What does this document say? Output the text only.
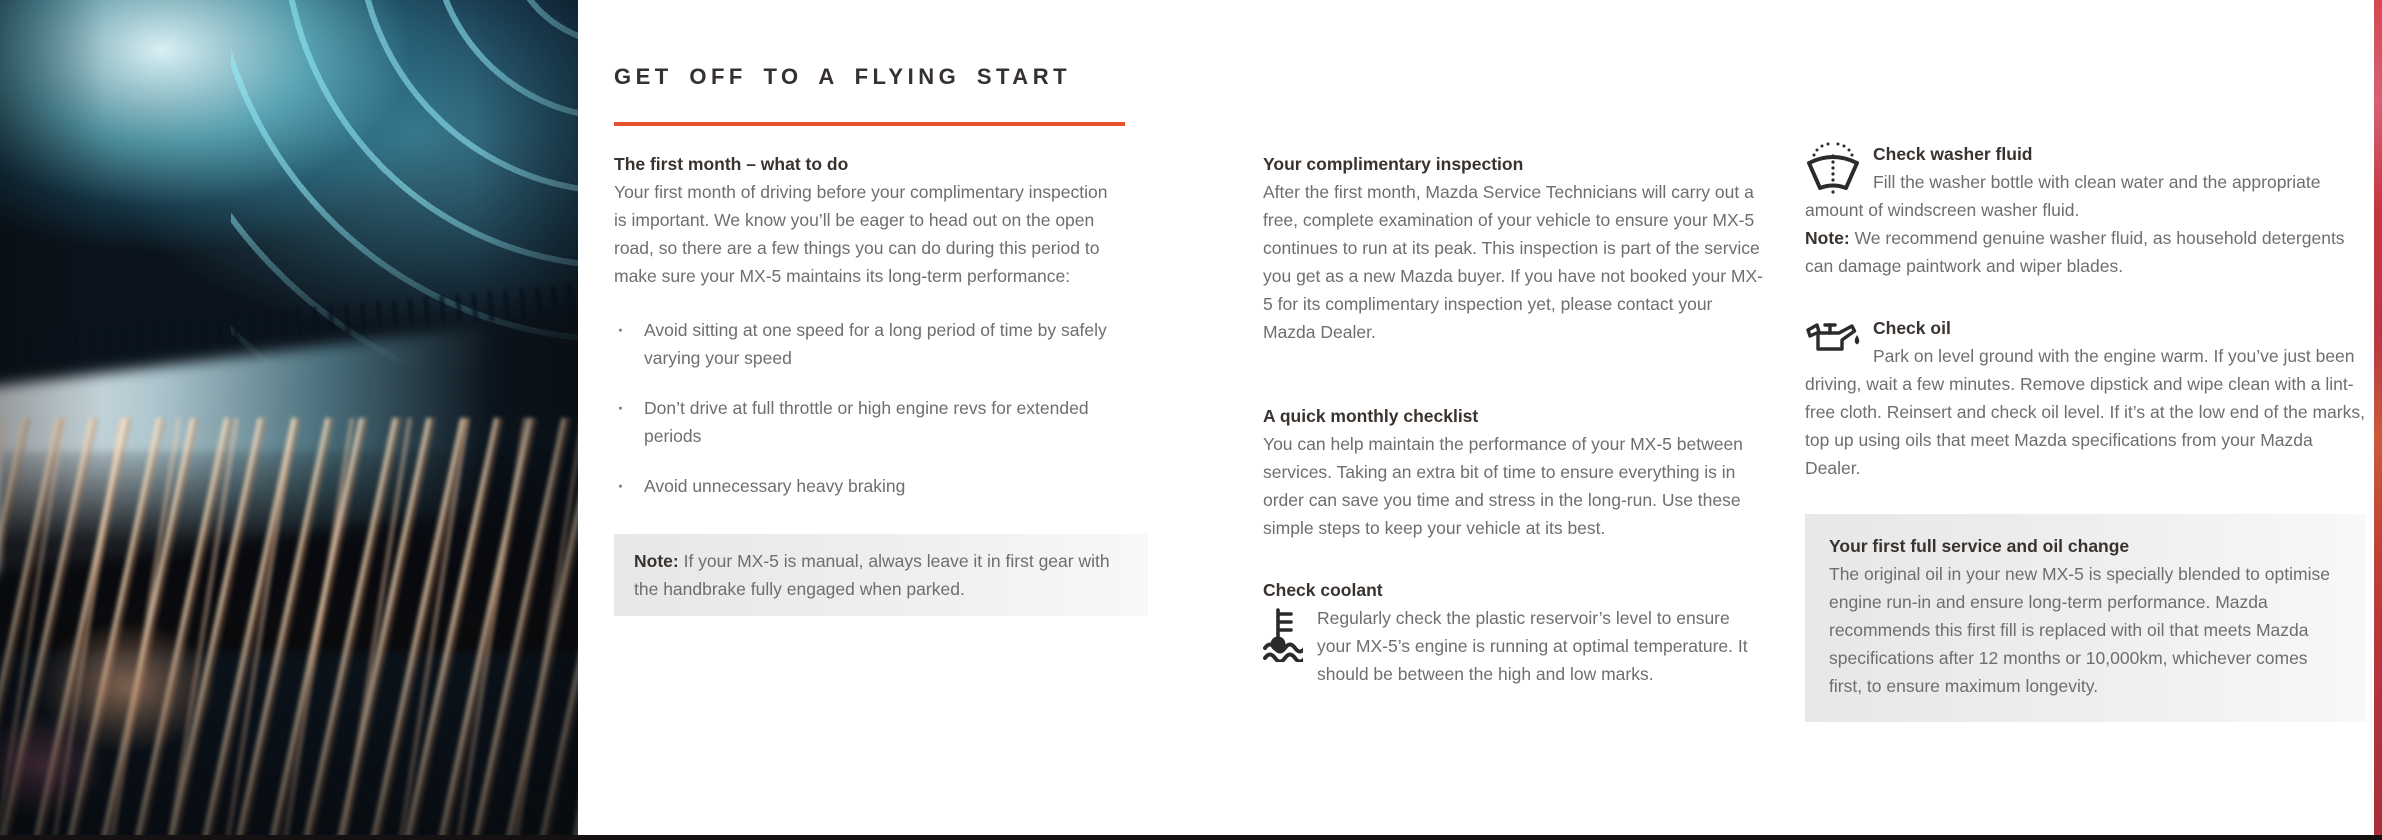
GET OFF TO A FLYING START

The first month – what to do

Your first month of driving before your complimentary inspection is important. We know you’ll be eager to head out on the open road, so there are a few things you can do during this period to make sure your MX-5 maintains its long-term performance:

· Avoid sitting at one speed for a long period of time by safely varying your speed
· Don’t drive at full throttle or high engine revs for extended periods
· Avoid unnecessary heavy braking

Note: If your MX-5 is manual, always leave it in first gear with the handbrake fully engaged when parked.

Your complimentary inspection

After the first month, Mazda Service Technicians will carry out a free, complete examination of your vehicle to ensure your MX-5 continues to run at its peak. This inspection is part of the service you get as a new Mazda buyer. If you have not booked your MX-5 for its complimentary inspection yet, please contact your Mazda Dealer.

A quick monthly checklist

You can help maintain the performance of your MX-5 between services. Taking an extra bit of time to ensure everything is in order can save you time and stress in the long-run. Use these simple steps to keep your vehicle at its best.

Check coolant

Regularly check the plastic reservoir’s level to ensure your MX-5’s engine is running at optimal temperature. It should be between the high and low marks.

Check washer fluid

Fill the washer bottle with clean water and the appropriate amount of windscreen washer fluid.

Note: We recommend genuine washer fluid, as household detergents can damage paintwork and wiper blades.

Check oil

Park on level ground with the engine warm. If you’ve just been driving, wait a few minutes. Remove dipstick and wipe clean with a lint-free cloth. Reinsert and check oil level. If it’s at the low end of the marks, top up using oils that meet Mazda specifications from your Mazda Dealer.

Your first full service and oil change

The original oil in your new MX-5 is specially blended to optimise engine run-in and ensure long-term performance. Mazda recommends this first fill is replaced with oil that meets Mazda specifications after 12 months or 10,000km, whichever comes first, to ensure maximum longevity.
